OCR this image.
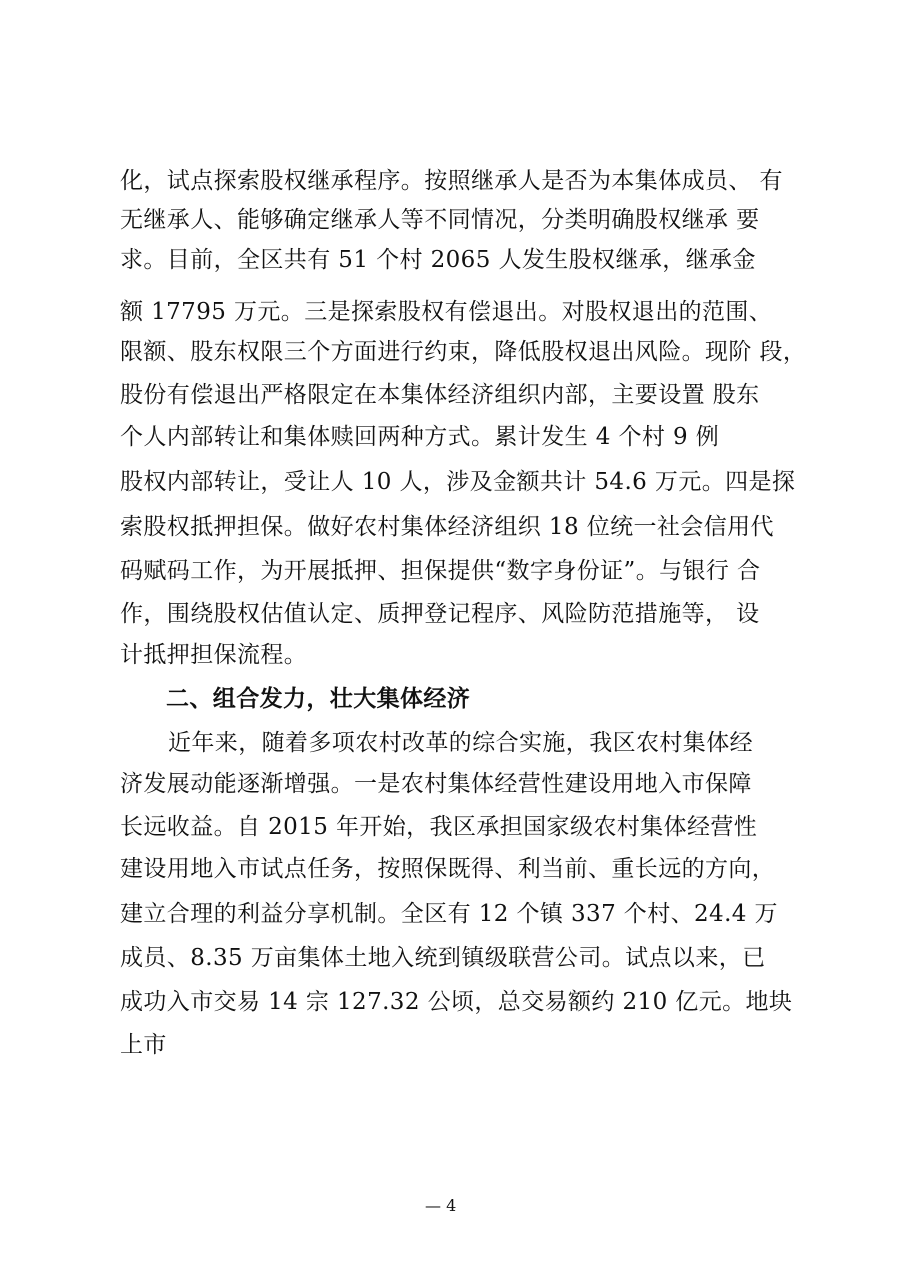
化，试点探索股权继承程序。按照继承人是否为本集体成员、 有
无继承人、能够确定继承人等不同情况，分类明确股权继承 要
求。目前，全区共有 51 个村 2065 人发生股权继承，继承金
额 17795 万元。三是探索股权有偿退出。对股权退出的范围、
限额、股东权限三个方面进行约束，降低股权退出风险。现阶 段，
股份有偿退出严格限定在本集体经济组织内部，主要设置 股东
个人内部转让和集体赎回两种方式。累计发生 4 个村 9 例
股权内部转让，受让人 10 人，涉及金额共计 54.6 万元。四是探
索股权抵押担保。做好农村集体经济组织 18 位统一社会信用代
码赋码工作，为开展抵押、担保提供“数字身份证”。与银行 合
作，围绕股权估值认定、质押登记程序、风险防范措施等， 设
计抵押担保流程。
二、组合发力，壮大集体经济
近年来，随着多项农村改革的综合实施，我区农村集体经
济发展动能逐渐增强。一是农村集体经营性建设用地入市保障
长远收益。自 2015 年开始，我区承担国家级农村集体经营性
建设用地入市试点任务，按照保既得、利当前、重长远的方向，
建立合理的利益分享机制。全区有 12 个镇 337 个村、24.4 万
成员、8.35 万亩集体土地入统到镇级联营公司。试点以来，已
成功入市交易 14 宗 127.32 公顷，总交易额约 210 亿元。地块
上市
— 4
